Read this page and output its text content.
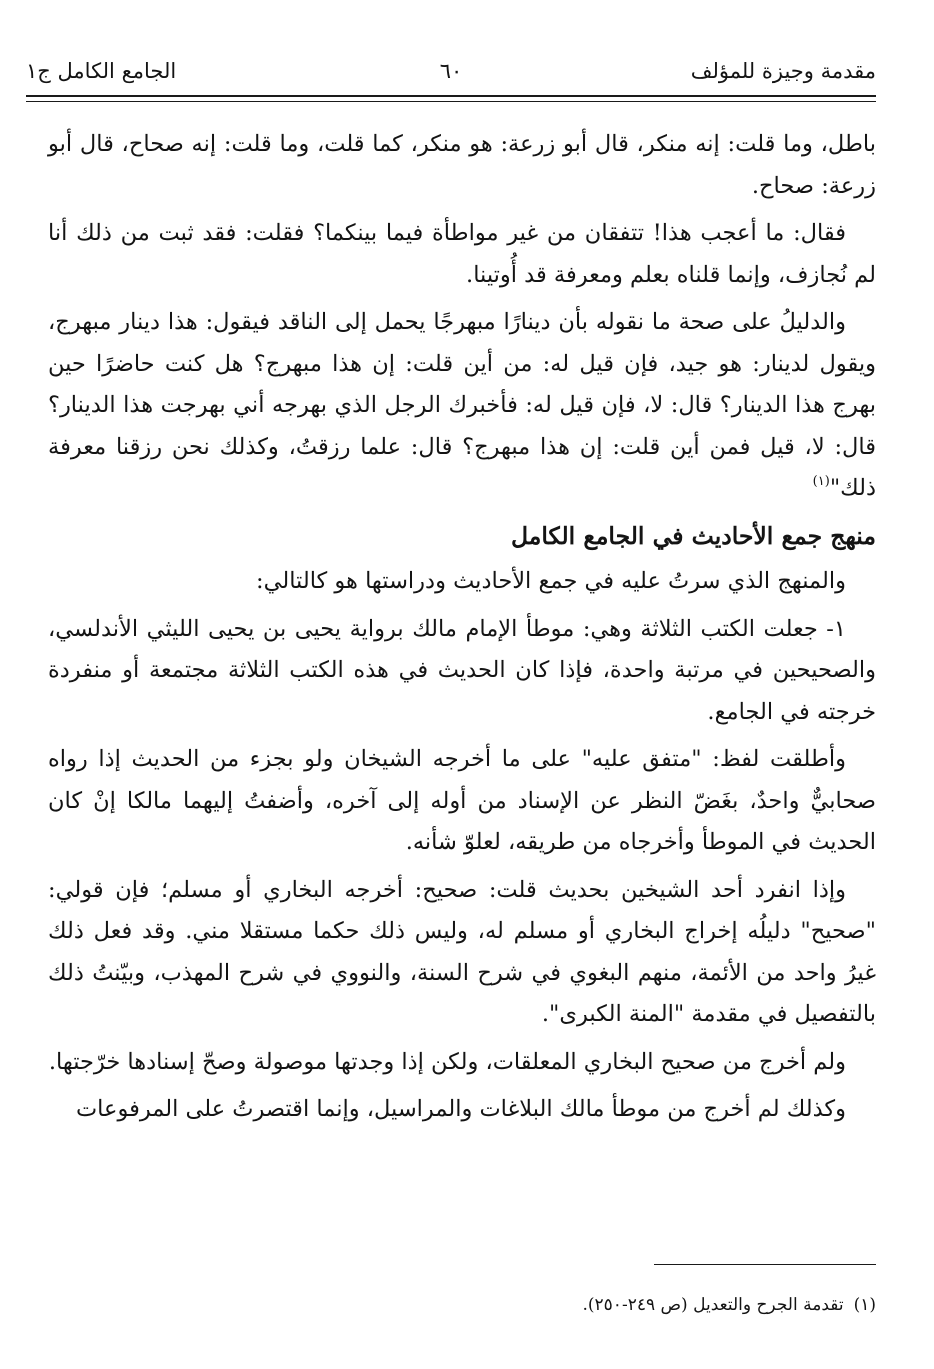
مقدمة وجيزة للمؤلف
٦٠
الجامع الكامل ج١

باطل، وما قلت: إنه منكر، قال أبو زرعة: هو منكر، كما قلت، وما قلت: إنه صحاح، قال أبو زرعة: صحاح.

فقال: ما أعجب هذا! تتفقان من غير مواطأة فيما بينكما؟ فقلت: فقد ثبت من ذلك أنا لم نُجازف، وإنما قلناه بعلم ومعرفة قد أُوتينا.

والدليلُ على صحة ما نقوله بأن دينارًا مبهرجًا يحمل إلى الناقد فيقول: هذا دينار مبهرج، ويقول لدينار: هو جيد، فإن قيل له: من أين قلت: إن هذا مبهرج؟ هل كنت حاضرًا حين بهرج هذا الدينار؟ قال: لا، فإن قيل له: فأخبرك الرجل الذي بهرجه أني بهرجت هذا الدينار؟ قال: لا، قيل فمن أين قلت: إن هذا مبهرج؟ قال: علما رزقتُ، وكذلك نحن رزقنا معرفة ذلك"$^{(١)}$

منهج جمع الأحاديث في الجامع الكامل

والمنهج الذي سرتُ عليه في جمع الأحاديث ودراستها هو كالتالي:

١- جعلت الكتب الثلاثة وهي: موطأ الإمام مالك برواية يحيى بن يحيى الليثي الأندلسي، والصحيحين في مرتبة واحدة، فإذا كان الحديث في هذه الكتب الثلاثة مجتمعة أو منفردة خرجته في الجامع.

وأطلقت لفظ: "متفق عليه" على ما أخرجه الشيخان ولو بجزء من الحديث إذا رواه صحابيٌّ واحدٌ، بغَضّ النظر عن الإسناد من أوله إلى آخره، وأضفتُ إليهما مالكا إنْ كان الحديث في الموطأ وأخرجاه من طريقه، لعلوّ شأنه.

وإذا انفرد أحد الشيخين بحديث قلت: صحيح: أخرجه البخاري أو مسلم؛ فإن قولي: "صحيح" دليلُه إخراج البخاري أو مسلم له، وليس ذلك حكما مستقلا مني. وقد فعل ذلك غيرُ واحد من الأئمة، منهم البغوي في شرح السنة، والنووي في شرح المهذب، وبيّنتُ ذلك بالتفصيل في مقدمة "المنة الكبرى".

ولم أخرج من صحيح البخاري المعلقات، ولكن إذا وجدتها موصولة وصحّ إسنادها خرّجتها.

وكذلك لم أخرج من موطأ مالك البلاغات والمراسيل، وإنما اقتصرتُ على المرفوعات

(١)تقدمة الجرح والتعديل (ص ٢٤٩-٢٥٠).
